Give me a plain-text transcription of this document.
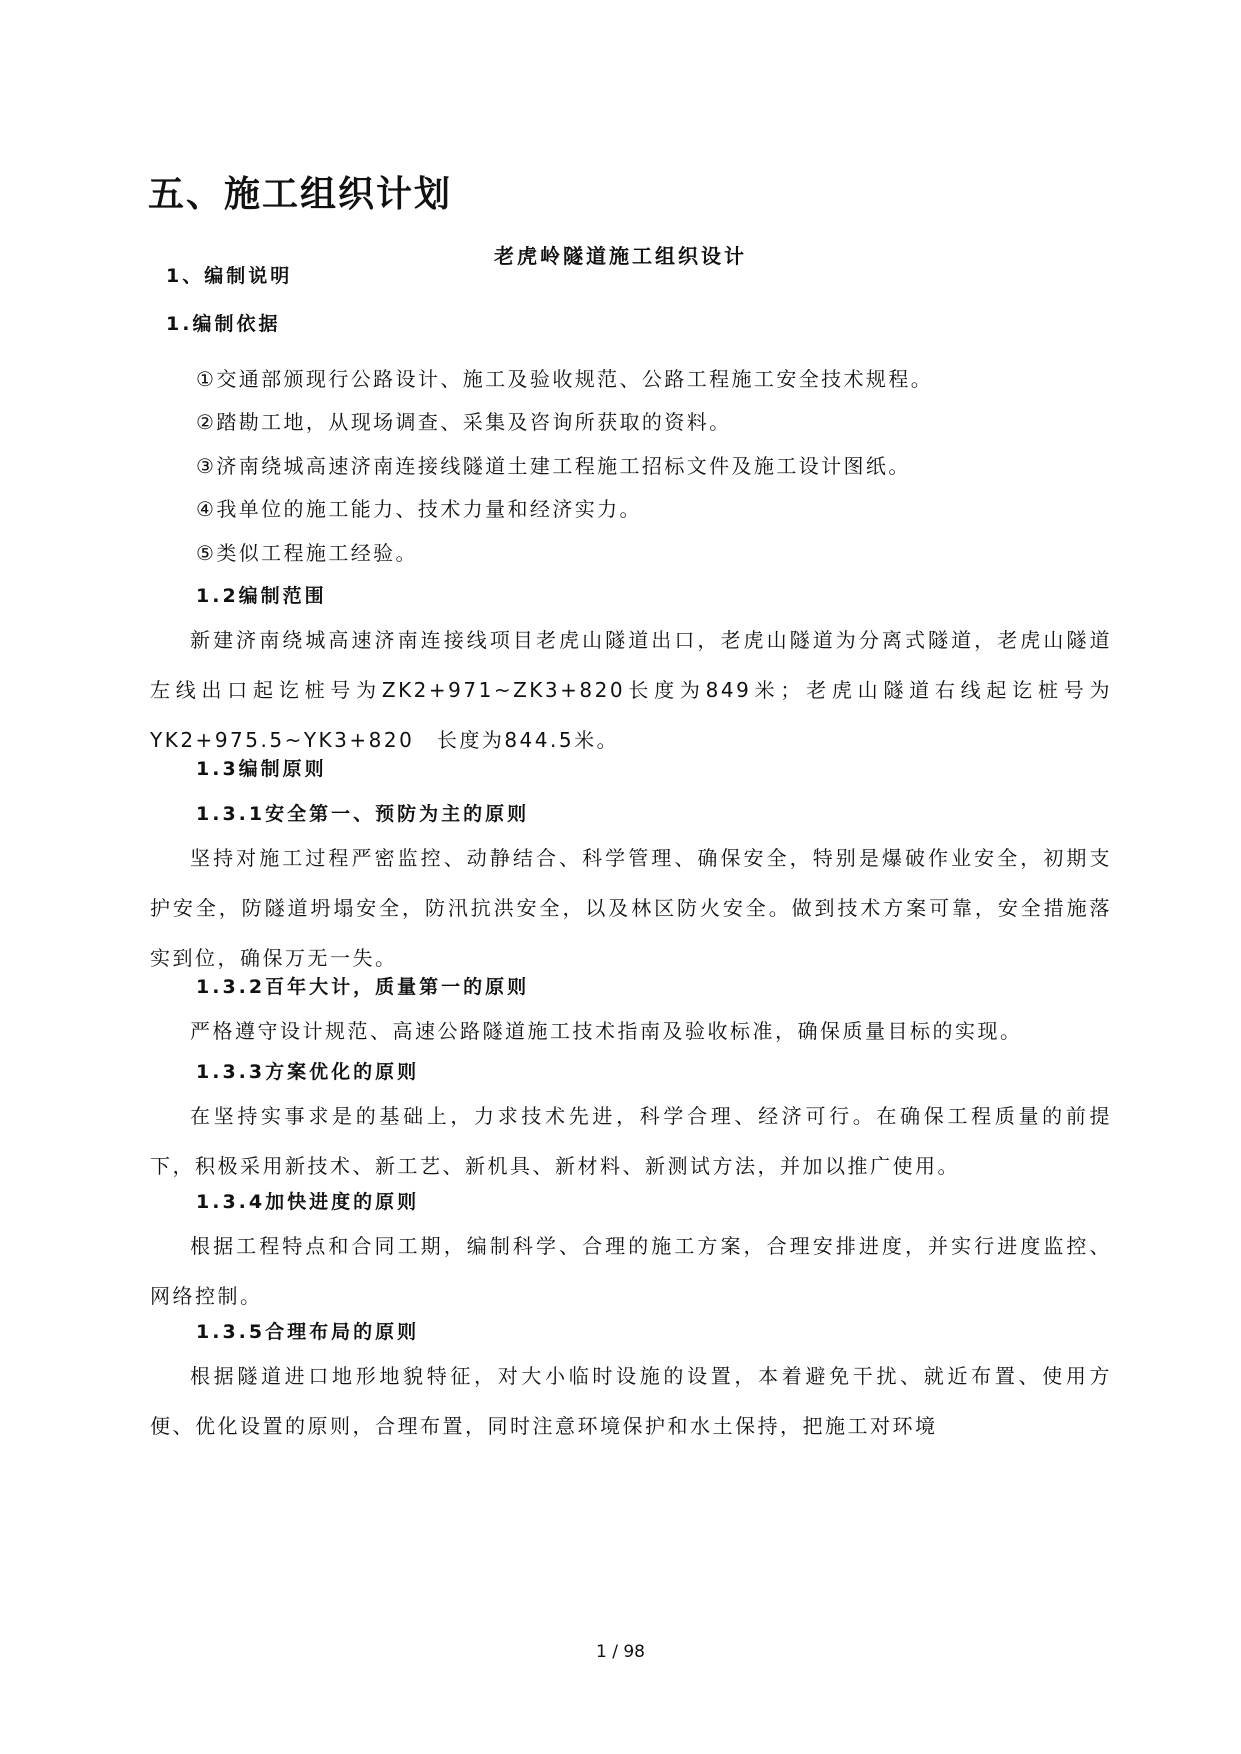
五、施工组织计划
老虎岭隧道施工组织设计
1、编制说明
1.编制依据

①交通部颁现行公路设计、施工及验收规范、公路工程施工安全技术规程。

②踏勘工地，从现场调查、采集及咨询所获取的资料。

③济南绕城高速济南连接线隧道土建工程施工招标文件及施工设计图纸。

④我单位的施工能力、技术力量和经济实力。

⑤类似工程施工经验。

1.2编制范围

新建济南绕城高速济南连接线项目老虎山隧道出口，老虎山隧道为分离式隧道，老虎山隧道左线出口起讫桩号为ZK2+971~ZK3+820长度为849米；老虎山隧道右线起讫桩号为YK2+975.5~YK3+820　长度为844.5米。

1.3编制原则
1.3.1安全第一、预防为主的原则

坚持对施工过程严密监控、动静结合、科学管理、确保安全，特别是爆破作业安全，初期支护安全，防隧道坍塌安全，防汛抗洪安全，以及林区防火安全。做到技术方案可靠，安全措施落实到位，确保万无一失。

1.3.2百年大计，质量第一的原则

严格遵守设计规范、高速公路隧道施工技术指南及验收标准，确保质量目标的实现。

1.3.3方案优化的原则

在坚持实事求是的基础上，力求技术先进，科学合理、经济可行。在确保工程质量的前提下，积极采用新技术、新工艺、新机具、新材料、新测试方法，并加以推广使用。

1.3.4加快进度的原则

根据工程特点和合同工期，编制科学、合理的施工方案，合理安排进度，并实行进度监控、网络控制。

1.3.5合理布局的原则

根据隧道进口地形地貌特征，对大小临时设施的设置，本着避免干扰、就近布置、使用方便、优化设置的原则，合理布置，同时注意环境保护和水土保持，把施工对环境

1 / 98
